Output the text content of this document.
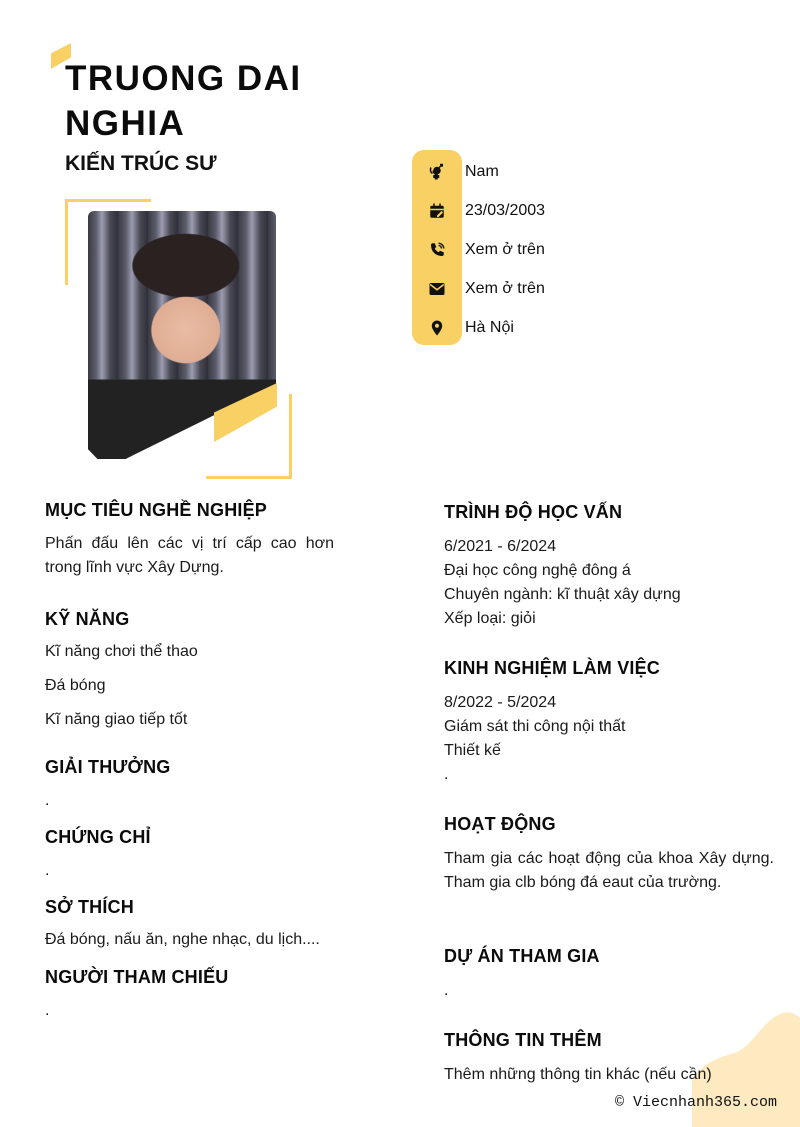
TRUONG DAI NGHIA
KIẾN TRÚC SƯ	Nam
23/03/2003
Xem ở trên
Xem ở trên
Hà Nội
MỤC TIÊU NGHỀ NGHIỆP
Phấn đấu lên các vị trí cấp cao hơn trong lĩnh vực Xây Dựng.
KỸ NĂNG
Kĩ năng chơi thể thao
Đá bóng
Kĩ năng giao tiếp tốt
GIẢI THƯỞNG
.
CHỨNG CHỈ
.
SỞ THÍCH
Đá bóng, nấu ăn, nghe nhạc, du lịch....
NGƯỜI THAM CHIẾU
.
TRÌNH ĐỘ HỌC VẤN
6/2021 - 6/2024
Đại học công nghệ đông á
Chuyên ngành: kĩ thuật xây dựng
Xếp loại: giỏi
KINH NGHIỆM LÀM VIỆC
8/2022 - 5/2024
Giám sát thi công nội thất
Thiết kế
.
HOẠT ĐỘNG
Tham gia các hoạt động của khoa Xây dựng. Tham gia clb bóng đá eaut của trường.
DỰ ÁN THAM GIA
.
THÔNG TIN THÊM
Thêm những thông tin khác (nếu cần)
© Viecnhanh365.com
